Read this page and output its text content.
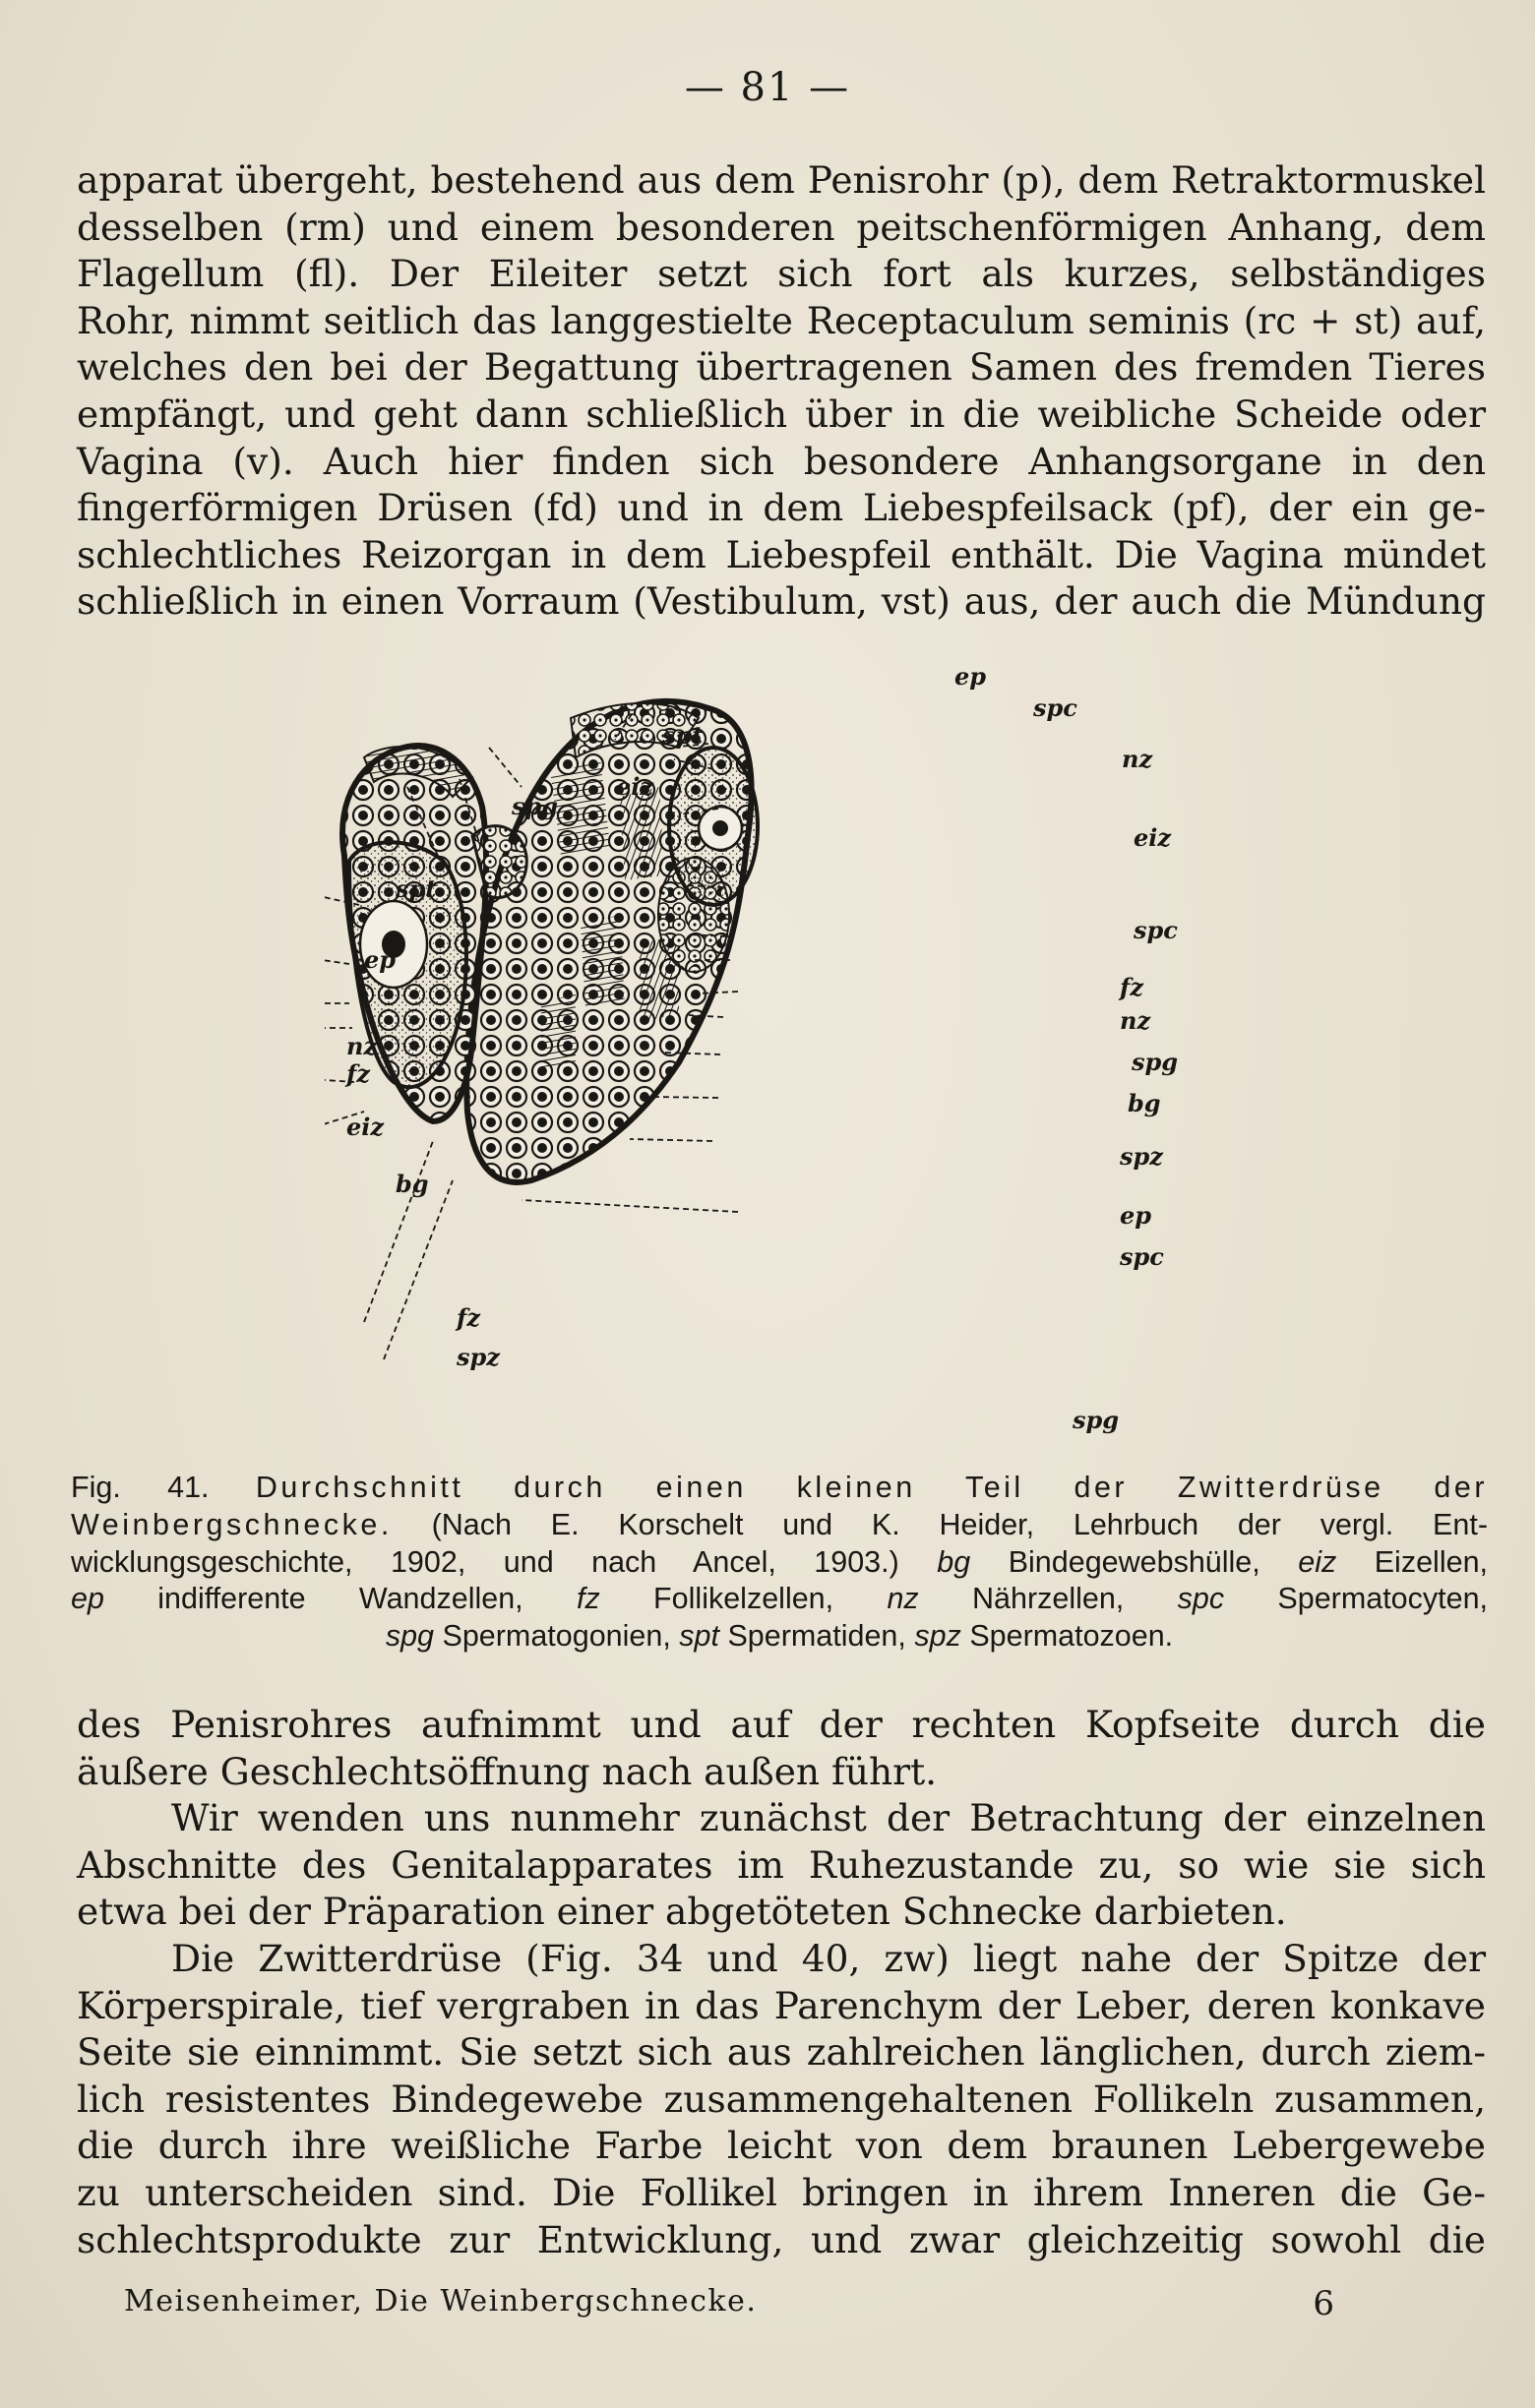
— 81 —
apparat übergeht, bestehend aus dem Penisrohr (p), dem Retraktormuskel
desselben (rm) und einem besonderen peitschenförmigen Anhang, dem
Flagellum (fl). Der Eileiter setzt sich fort als kurzes, selbständiges
Rohr, nimmt seitlich das langgestielte Receptaculum seminis (rc + st) auf,
welches den bei der Begattung übertragenen Samen des fremden Tieres
empfängt, und geht dann schließlich über in die weibliche Scheide oder
Vagina (v). Auch hier finden sich besondere Anhangsorgane in den
fingerförmigen Drüsen (fd) und in dem Liebespfeilsack (pf), der ein ge-
schlechtliches Reizorgan in dem Liebespfeil enthält. Die Vagina mündet
schließlich in einen Vorraum (Vestibulum, vst) aus, der auch die Mündung
ep
spt
eiz
spg
spt
ep
nz
fz
eiz
bg
fz
spz
spc
nz
eiz
spc
fz
nz
spg
bg
spz
ep
spc
spg
Fig. 41. Durchschnitt durch einen kleinen Teil der Zwitterdrüse der
Weinbergschnecke. (Nach E. Korschelt und K. Heider, Lehrbuch der vergl. Ent-
wicklungsgeschichte, 1902, und nach Ancel, 1903.) bg Bindegewebshülle, eiz Eizellen,
ep indifferente Wandzellen, fz Follikelzellen, nz Nährzellen, spc Spermatocyten,
spg Spermatogonien, spt Spermatiden, spz Spermatozoen.
des Penisrohres aufnimmt und auf der rechten Kopfseite durch die
äußere Geschlechtsöffnung nach außen führt.
Wir wenden uns nunmehr zunächst der Betrachtung der einzelnen
Abschnitte des Genitalapparates im Ruhezustande zu, so wie sie sich
etwa bei der Präparation einer abgetöteten Schnecke darbieten.
Die Zwitterdrüse (Fig. 34 und 40, zw) liegt nahe der Spitze der
Körperspirale, tief vergraben in das Parenchym der Leber, deren konkave
Seite sie einnimmt. Sie setzt sich aus zahlreichen länglichen, durch ziem-
lich resistentes Bindegewebe zusammengehaltenen Follikeln zusammen,
die durch ihre weißliche Farbe leicht von dem braunen Lebergewebe
zu unterscheiden sind. Die Follikel bringen in ihrem Inneren die Ge-
schlechtsprodukte zur Entwicklung, und zwar gleichzeitig sowohl die
Meisenheimer, Die Weinbergschnecke.	6
